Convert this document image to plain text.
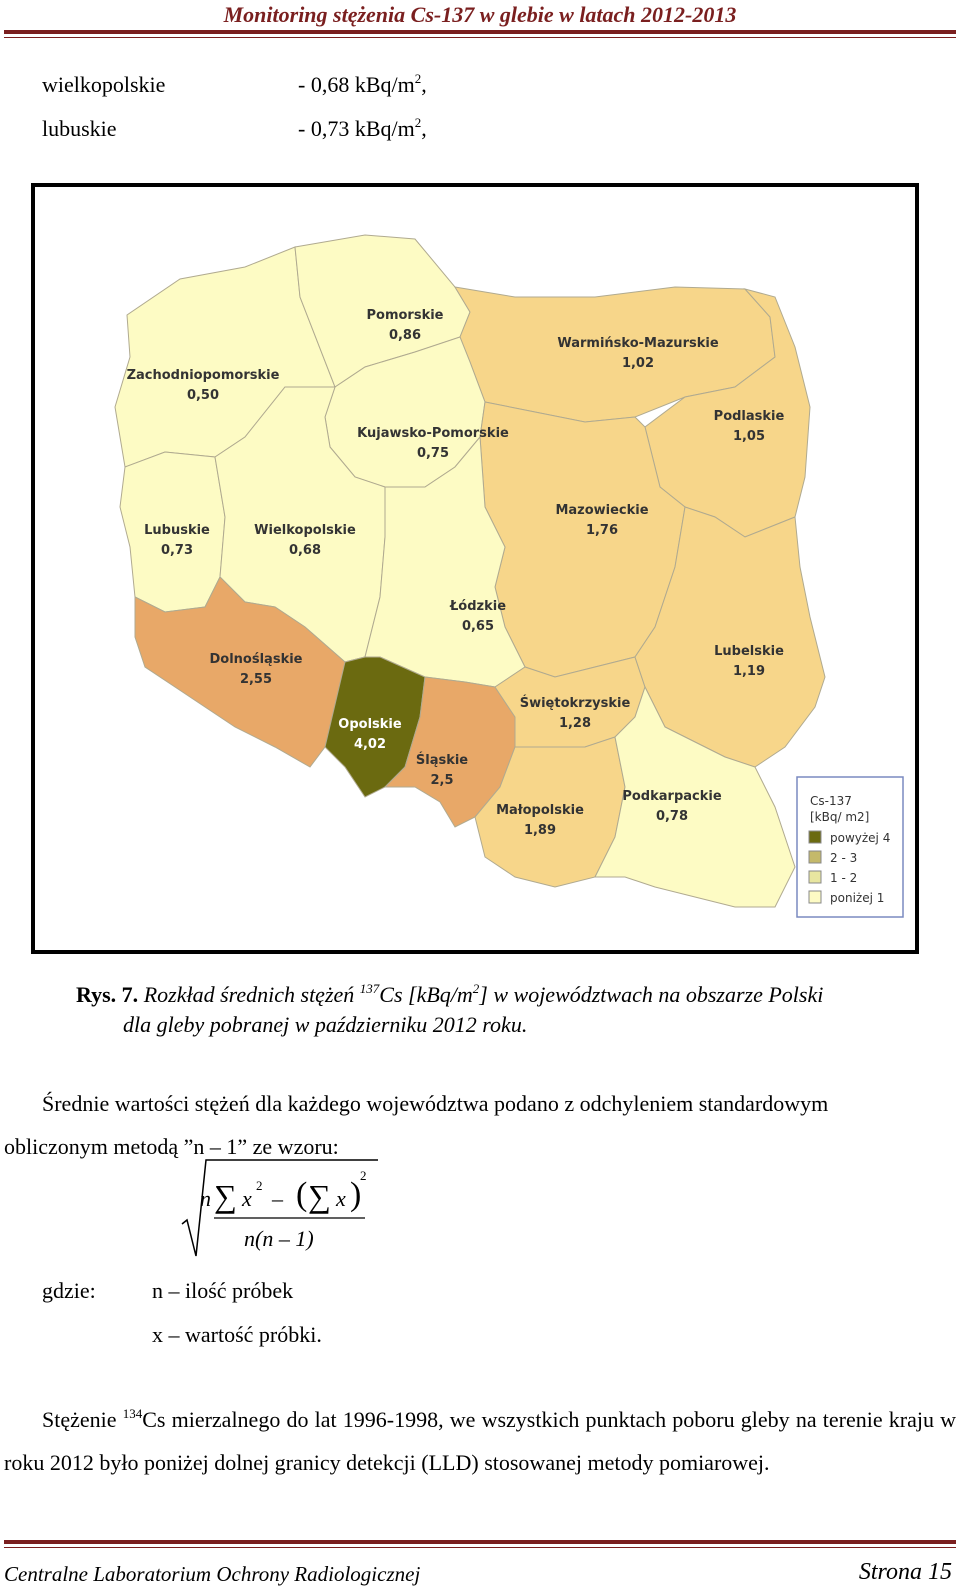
Monitoring stężenia Cs-137 w glebie w latach 2012-2013
wielkopolskie	- 0,68 kBq/$m^2$,
lubuskie	- 0,73 kBq/$m^2$,
Pomorskie
0,86
Warmińsko-Mazurskie
1,02
Zachodniopomorskie
0,50
Kujawsko-Pomorskie
0,75
Podlaskie
1,05
Mazowieckie
1,76
Lubuskie
0,73
Wielkopolskie
0,68
Łódzkie
0,65
Dolnośląskie
2,55
Lubelskie
1,19
Świętokrzyskie
1,28
Opolskie
4,02
Śląskie
2,5
Podkarpackie
0,78
Małopolskie
1,89
Cs-137
[kBq/ m2]
powyżej 4
2 - 3
1 - 2
poniżej 1
Rys. 7. Rozkład średnich stężeń $^{137}$Cs $[kBq/m^2]$ w województwach na obszarze Polski
dla gleby pobranej w październiku 2012 roku.
Średnie wartości stężeń dla każdego województwa podano z odchyleniem standardowym
obliczonym metodą ”n – 1” ze wzoru:
n ∑ x
2
– ( ∑ x )
2
n(n – 1)
gdzie:	n – ilość próbek
x – wartość próbki.
Stężenie $^{134}$Cs mierzalnego do lat 1996-1998, we wszystkich punktach poboru gleby na terenie kraju w roku 2012 było poniżej dolnej granicy detekcji (LLD) stosowanej metody pomiarowej.
Centralne Laboratorium Ochrony Radiologicznej	Strona 15
